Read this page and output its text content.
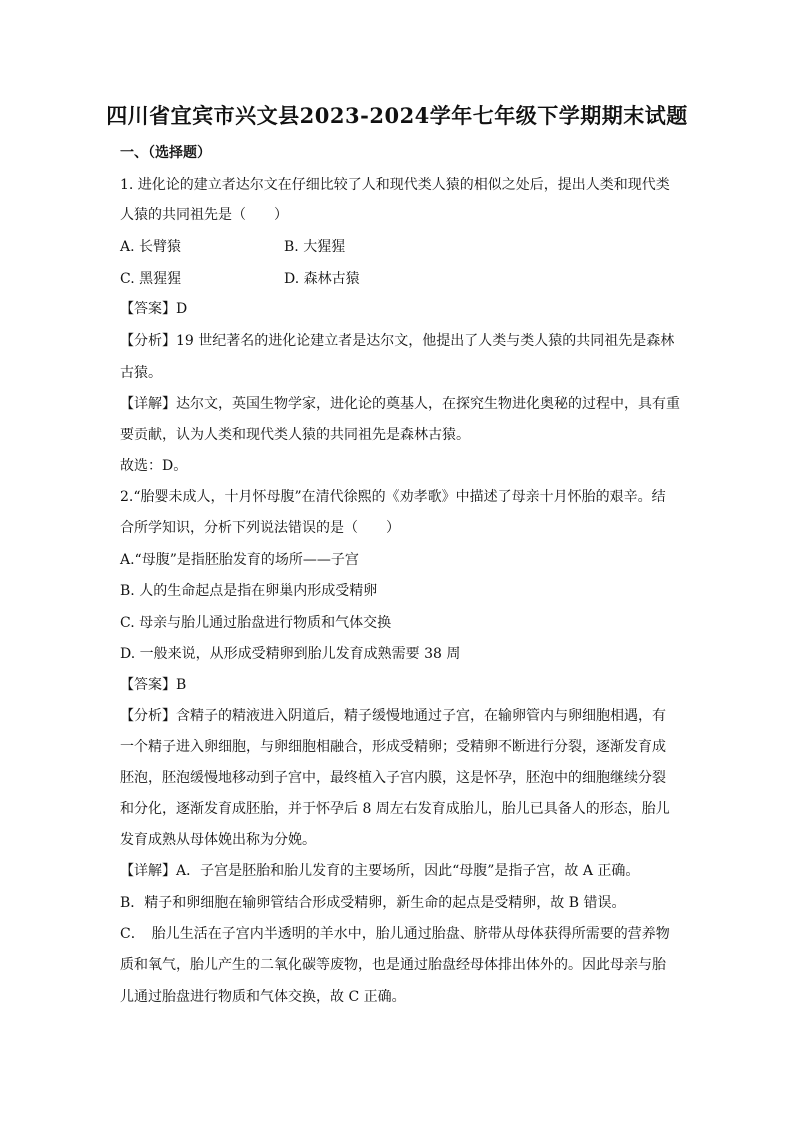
四川省宜宾市兴文县2023-2024学年七年级下学期期末试题
一、（选择题）
1. 进化论的建立者达尔文在仔细比较了人和现代类人猿的相似之处后，提出人类和现代类
人猿的共同祖先是（　　）
A. 长臂猿	B. 大猩猩
C. 黑猩猩	D. 森林古猿
【答案】D
【分析】19 世纪著名的进化论建立者是达尔文，他提出了人类与类人猿的共同祖先是森林
古猿。
【详解】达尔文，英国生物学家，进化论的奠基人，在探究生物进化奥秘的过程中，具有重
要贡献，认为人类和现代类人猿的共同祖先是森林古猿。
故选：D。
2.“胎婴未成人，十月怀母腹”在清代徐熙的《劝孝歌》中描述了母亲十月怀胎的艰辛。结
合所学知识，分析下列说法错误的是（　　）
A.“母腹”是指胚胎发育的场所——子宫
B. 人的生命起点是指在卵巢内形成受精卵
C. 母亲与胎儿通过胎盘进行物质和气体交换
D. 一般来说，从形成受精卵到胎儿发育成熟需要 38 周
【答案】B
【分析】含精子的精液进入阴道后，精子缓慢地通过子宫，在输卵管内与卵细胞相遇，有
一个精子进入卵细胞，与卵细胞相融合，形成受精卵；受精卵不断进行分裂，逐渐发育成
胚泡，胚泡缓慢地移动到子宫中，最终植入子宫内膜，这是怀孕，胚泡中的细胞继续分裂
和分化，逐渐发育成胚胎，并于怀孕后 8 周左右发育成胎儿，胎儿已具备人的形态，胎儿
发育成熟从母体娩出称为分娩。
【详解】A．子宫是胚胎和胎儿发育的主要场所，因此“母腹”是指子宫，故 A 正确。
B．精子和卵细胞在输卵管结合形成受精卵，新生命的起点是受精卵，故 B 错误。
C．　胎儿生活在子宫内半透明的羊水中，胎儿通过胎盘、脐带从母体获得所需要的营养物
质和氧气，胎儿产生的二氧化碳等废物，也是通过胎盘经母体排出体外的。因此母亲与胎
儿通过胎盘进行物质和气体交换，故 C 正确。
